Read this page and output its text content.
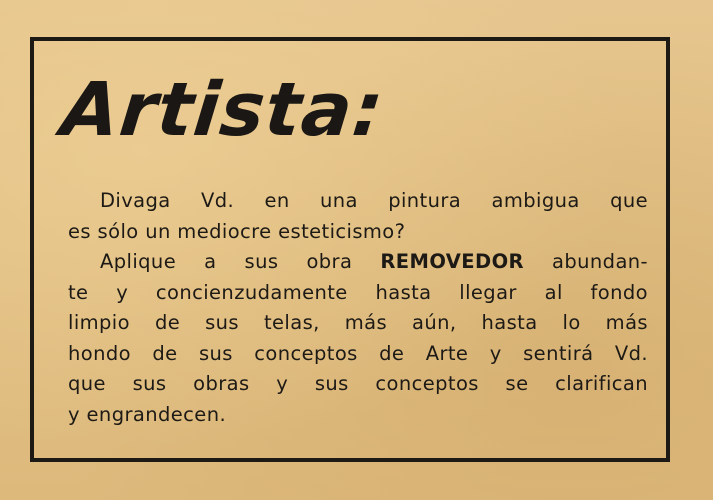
Artista:

Divaga Vd. en una pintura ambigua que
es sólo un mediocre esteticismo?

Aplique a sus obra REMOVEDOR abundan-
te y concienzudamente hasta llegar al fondo
limpio de sus telas, más aún, hasta lo más
hondo de sus conceptos de Arte y sentirá Vd.
que sus obras y sus conceptos se clarifican
y engrandecen.
